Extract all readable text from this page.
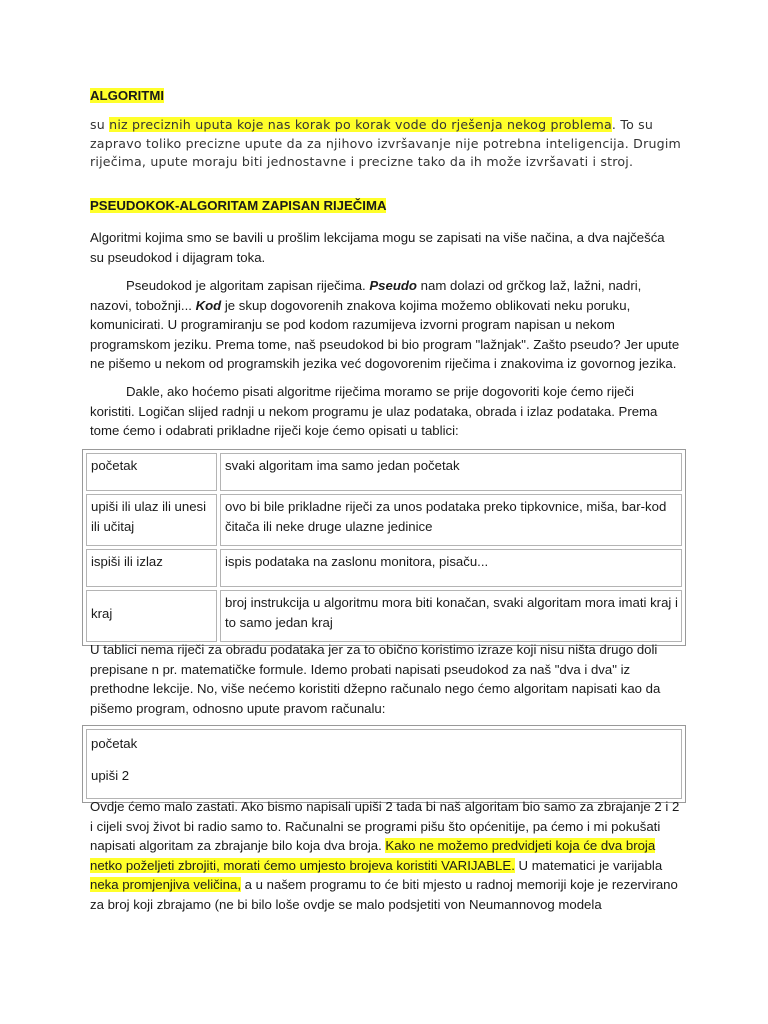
ALGORITMI

su niz preciznih uputa koje nas korak po korak vode do rješenja nekog problema. To su zapravo toliko precizne upute da za njihovo izvršavanje nije potrebna inteligencija. Drugim riječima, upute moraju biti jednostavne i precizne tako da ih može izvršavati i stroj.

PSEUDOKOK-ALGORITAM ZAPISAN RIJEČIMA

Algoritmi kojima smo se bavili u prošlim lekcijama mogu se zapisati na više načina, a dva najčešća su pseudokod i dijagram toka.

Pseudokod je algoritam zapisan riječima. Pseudo nam dolazi od grčkog laž, lažni, nadri, nazovi, tobožnji... Kod je skup dogovorenih znakova kojima možemo oblikovati neku poruku, komunicirati. U programiranju se pod kodom razumijeva izvorni program napisan u nekom programskom jeziku. Prema tome, naš pseudokod bi bio program "lažnjak". Zašto pseudo? Jer upute ne pišemo u nekom od programskih jezika već dogovorenim riječima i znakovima iz govornog jezika.

Dakle, ako hoćemo pisati algoritme riječima moramo se prije dogovoriti koje ćemo riječi koristiti. Logičan slijed radnji u nekom programu je ulaz podataka, obrada i izlaz podataka. Prema tome ćemo i odabrati prikladne riječi koje ćemo opisati u tablici:

početak	svaki algoritam ima samo jedan početak
upiši ili ulaz ili unesi ili učitaj	ovo bi bile prikladne riječi za unos podataka preko tipkovnice, miša, bar-kod čitača ili neke druge ulazne jedinice
ispiši ili izlaz	ispis podataka na zaslonu monitora, pisaču...
kraj	broj instrukcija u algoritmu mora biti konačan, svaki algoritam mora imati kraj i to samo jedan kraj

U tablici nema riječi za obradu podataka jer za to obično koristimo izraze koji nisu ništa drugo doli prepisane n pr. matematičke formule. Idemo probati napisati pseudokod za naš "dva i dva" iz prethodne lekcije. No, više nećemo koristiti džepno računalo nego ćemo algoritam napisati kao da pišemo program, odnosno upute pravom računalu:

početak
upiši 2

Ovdje ćemo malo zastati. Ako bismo napisali upiši 2 tada bi naš algoritam bio samo za zbrajanje 2 i 2 i cijeli svoj život bi radio samo to. Računalni se programi pišu što općenitije, pa ćemo i mi pokušati napisati algoritam za zbrajanje bilo koja dva broja. Kako ne možemo predvidjeti koja će dva broja netko poželjeti zbrojiti, morati ćemo umjesto brojeva koristiti VARIJABLE. U matematici je varijabla neka promjenjiva veličina, a u našem programu to će biti mjesto u radnoj memoriji koje je rezervirano za broj koji zbrajamo (ne bi bilo loše ovdje se malo podsjetiti von Neumannovog modela
